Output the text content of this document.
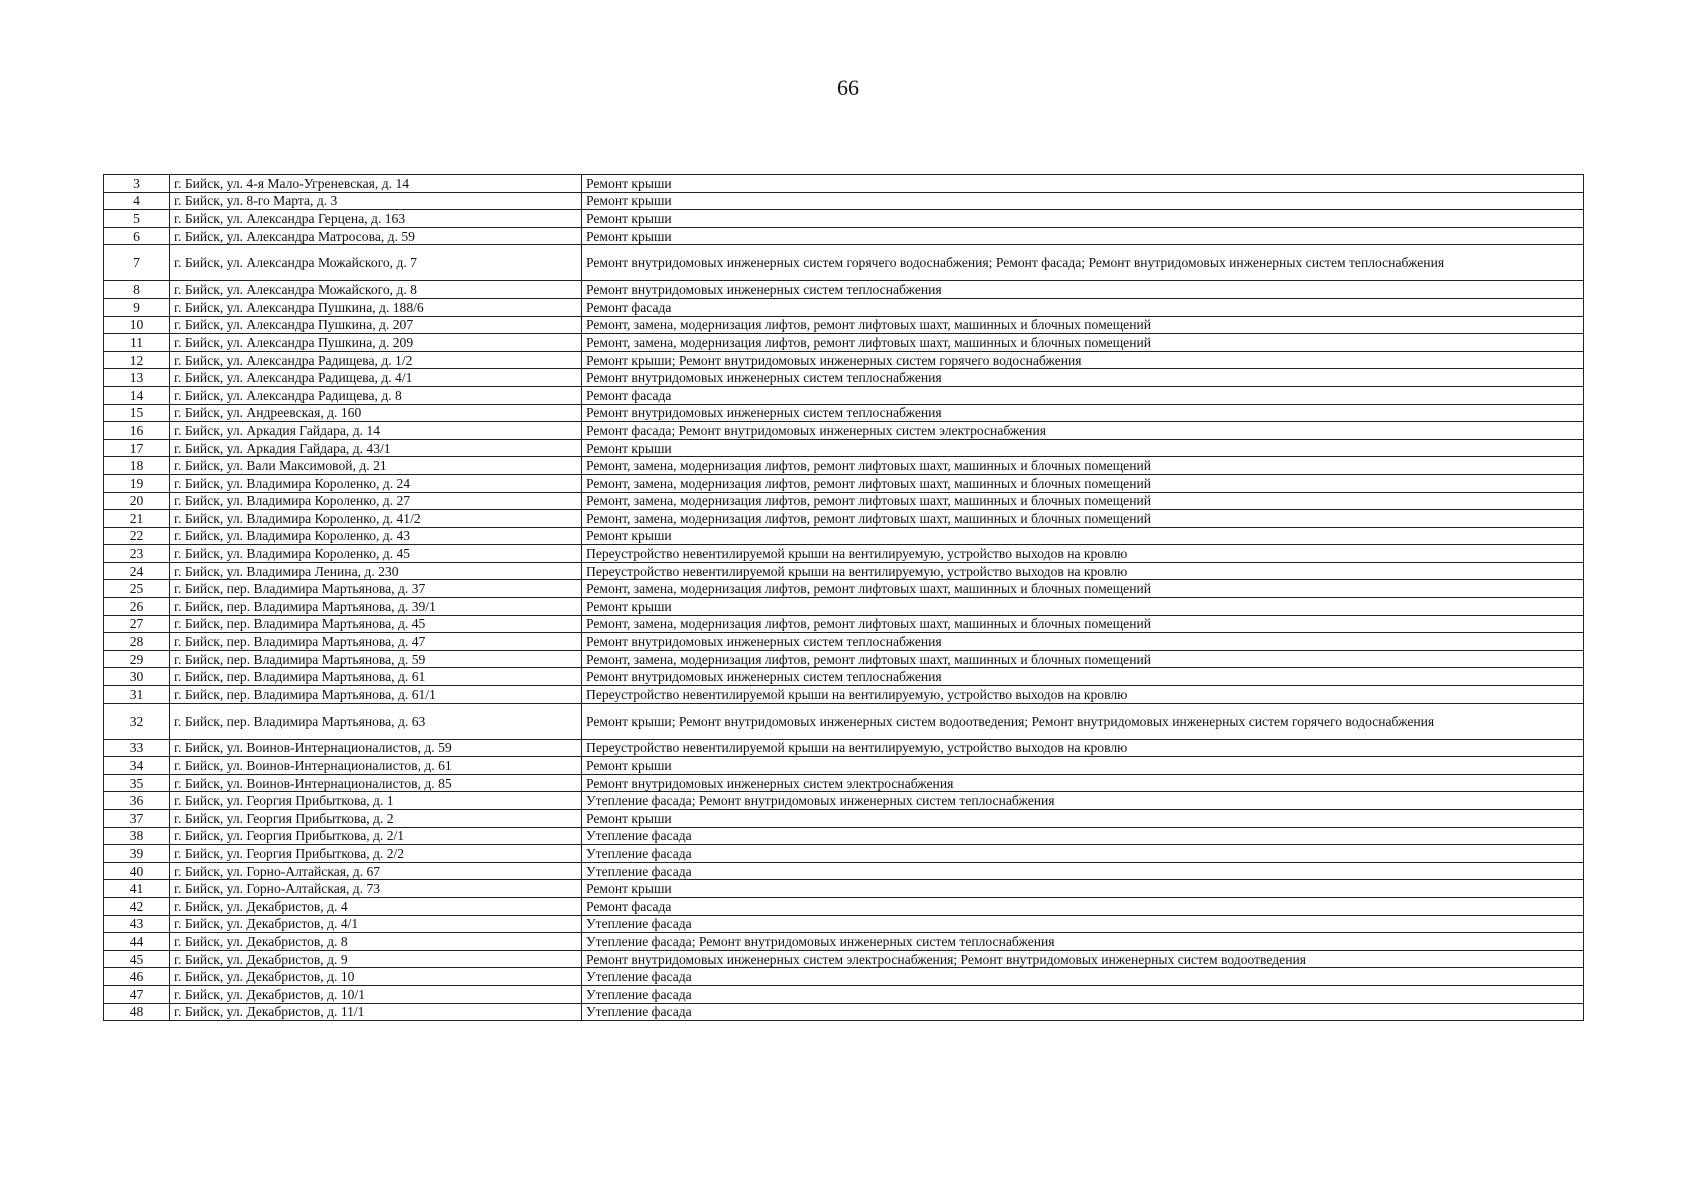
66
3	г. Бийск, ул. 4-я Мало-Угреневская, д. 14	Ремонт крыши
4	г. Бийск, ул. 8-го Марта, д. 3	Ремонт крыши
5	г. Бийск, ул. Александра Герцена, д. 163	Ремонт крыши
6	г. Бийск, ул. Александра Матросова, д. 59	Ремонт крыши
7	г. Бийск, ул. Александра Можайского, д. 7	Ремонт внутридомовых инженерных систем горячего водоснабжения; Ремонт фасада; Ремонт внутридомовых инженерных систем теплоснабжения
8	г. Бийск, ул. Александра Можайского, д. 8	Ремонт внутридомовых инженерных систем теплоснабжения
9	г. Бийск, ул. Александра Пушкина, д. 188/6	Ремонт фасада
10	г. Бийск, ул. Александра Пушкина, д. 207	Ремонт, замена, модернизация лифтов, ремонт лифтовых шахт, машинных и блочных помещений
11	г. Бийск, ул. Александра Пушкина, д. 209	Ремонт, замена, модернизация лифтов, ремонт лифтовых шахт, машинных и блочных помещений
12	г. Бийск, ул. Александра Радищева, д. 1/2	Ремонт крыши; Ремонт внутридомовых инженерных систем горячего водоснабжения
13	г. Бийск, ул. Александра Радищева, д. 4/1	Ремонт внутридомовых инженерных систем теплоснабжения
14	г. Бийск, ул. Александра Радищева, д. 8	Ремонт фасада
15	г. Бийск, ул. Андреевская, д. 160	Ремонт внутридомовых инженерных систем теплоснабжения
16	г. Бийск, ул. Аркадия Гайдара, д. 14	Ремонт фасада; Ремонт внутридомовых инженерных систем электроснабжения
17	г. Бийск, ул. Аркадия Гайдара, д. 43/1	Ремонт крыши
18	г. Бийск, ул. Вали Максимовой, д. 21	Ремонт, замена, модернизация лифтов, ремонт лифтовых шахт, машинных и блочных помещений
19	г. Бийск, ул. Владимира Короленко, д. 24	Ремонт, замена, модернизация лифтов, ремонт лифтовых шахт, машинных и блочных помещений
20	г. Бийск, ул. Владимира Короленко, д. 27	Ремонт, замена, модернизация лифтов, ремонт лифтовых шахт, машинных и блочных помещений
21	г. Бийск, ул. Владимира Короленко, д. 41/2	Ремонт, замена, модернизация лифтов, ремонт лифтовых шахт, машинных и блочных помещений
22	г. Бийск, ул. Владимира Короленко, д. 43	Ремонт крыши
23	г. Бийск, ул. Владимира Короленко, д. 45	Переустройство невентилируемой крыши на вентилируемую, устройство выходов на кровлю
24	г. Бийск, ул. Владимира Ленина, д. 230	Переустройство невентилируемой крыши на вентилируемую, устройство выходов на кровлю
25	г. Бийск, пер. Владимира Мартьянова, д. 37	Ремонт, замена, модернизация лифтов, ремонт лифтовых шахт, машинных и блочных помещений
26	г. Бийск, пер. Владимира Мартьянова, д. 39/1	Ремонт крыши
27	г. Бийск, пер. Владимира Мартьянова, д. 45	Ремонт, замена, модернизация лифтов, ремонт лифтовых шахт, машинных и блочных помещений
28	г. Бийск, пер. Владимира Мартьянова, д. 47	Ремонт внутридомовых инженерных систем теплоснабжения
29	г. Бийск, пер. Владимира Мартьянова, д. 59	Ремонт, замена, модернизация лифтов, ремонт лифтовых шахт, машинных и блочных помещений
30	г. Бийск, пер. Владимира Мартьянова, д. 61	Ремонт внутридомовых инженерных систем теплоснабжения
31	г. Бийск, пер. Владимира Мартьянова, д. 61/1	Переустройство невентилируемой крыши на вентилируемую, устройство выходов на кровлю
32	г. Бийск, пер. Владимира Мартьянова, д. 63	Ремонт крыши; Ремонт внутридомовых инженерных систем водоотведения; Ремонт внутридомовых инженерных систем горячего водоснабжения
33	г. Бийск, ул. Воинов-Интернационалистов, д. 59	Переустройство невентилируемой крыши на вентилируемую, устройство выходов на кровлю
34	г. Бийск, ул. Воинов-Интернационалистов, д. 61	Ремонт крыши
35	г. Бийск, ул. Воинов-Интернационалистов, д. 85	Ремонт внутридомовых инженерных систем электроснабжения
36	г. Бийск, ул. Георгия Прибыткова, д. 1	Утепление фасада; Ремонт внутридомовых инженерных систем теплоснабжения
37	г. Бийск, ул. Георгия Прибыткова, д. 2	Ремонт крыши
38	г. Бийск, ул. Георгия Прибыткова, д. 2/1	Утепление фасада
39	г. Бийск, ул. Георгия Прибыткова, д. 2/2	Утепление фасада
40	г. Бийск, ул. Горно-Алтайская, д. 67	Утепление фасада
41	г. Бийск, ул. Горно-Алтайская, д. 73	Ремонт крыши
42	г. Бийск, ул. Декабристов, д. 4	Ремонт фасада
43	г. Бийск, ул. Декабристов, д. 4/1	Утепление фасада
44	г. Бийск, ул. Декабристов, д. 8	Утепление фасада; Ремонт внутридомовых инженерных систем теплоснабжения
45	г. Бийск, ул. Декабристов, д. 9	Ремонт внутридомовых инженерных систем электроснабжения; Ремонт внутридомовых инженерных систем водоотведения
46	г. Бийск, ул. Декабристов, д. 10	Утепление фасада
47	г. Бийск, ул. Декабристов, д. 10/1	Утепление фасада
48	г. Бийск, ул. Декабристов, д. 11/1	Утепление фасада
